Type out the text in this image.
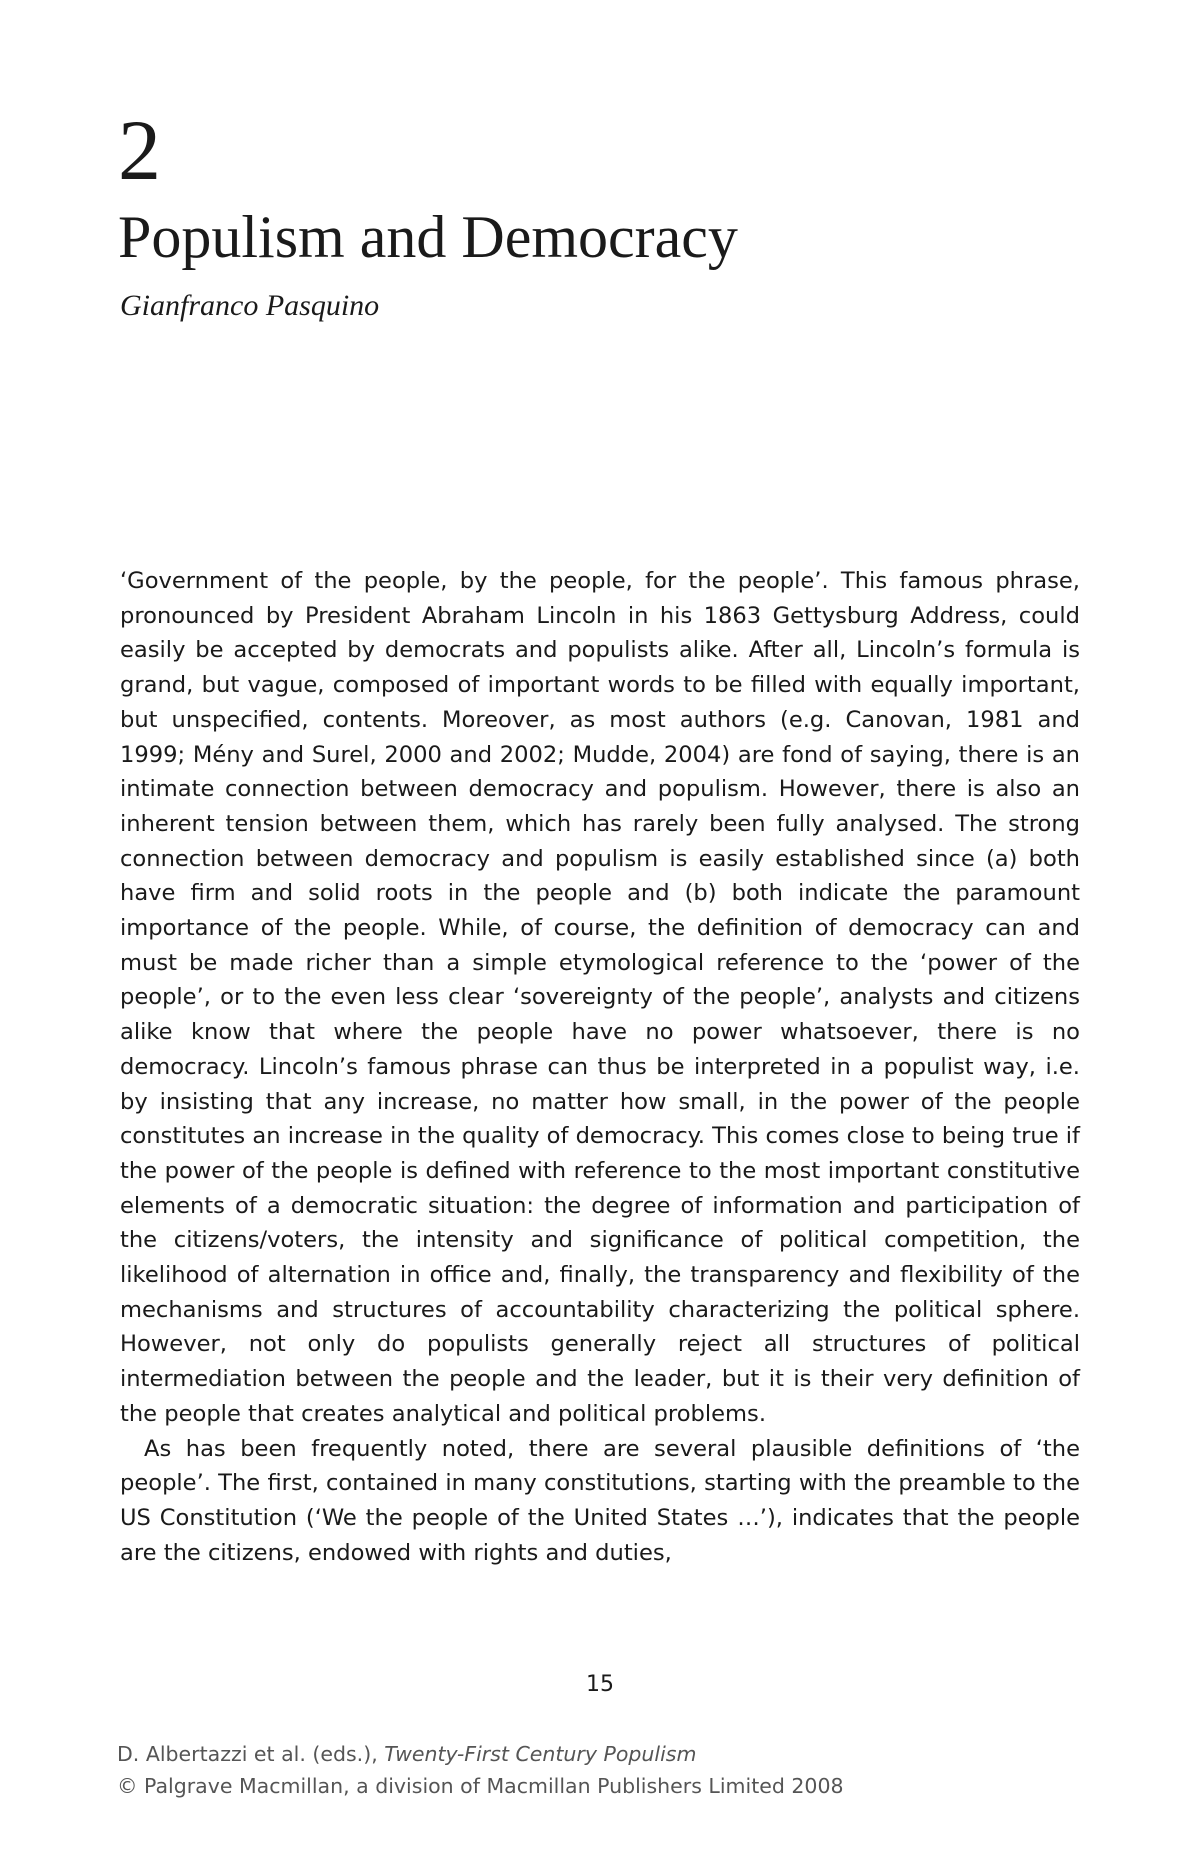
2
Populism and Democracy
Gianfranco Pasquino

‘Government of the people, by the people, for the people’. This famous phrase, pronounced by President Abraham Lincoln in his 1863 Gettysburg Address, could easily be accepted by democrats and populists alike. After all, Lincoln’s formula is grand, but vague, composed of important words to be filled with equally important, but unspecified, contents. Moreover, as most authors (e.g. Canovan, 1981 and 1999; Mény and Surel, 2000 and 2002; Mudde, 2004) are fond of saying, there is an intimate connection between democracy and populism. However, there is also an inherent tension between them, which has rarely been fully analysed. The strong connection between democracy and populism is easily established since (a) both have firm and solid roots in the people and (b) both indicate the paramount importance of the people. While, of course, the definition of democracy can and must be made richer than a simple etymological reference to the ‘power of the people’, or to the even less clear ‘sovereignty of the people’, analysts and citizens alike know that where the people have no power whatsoever, there is no democracy. Lincoln’s famous phrase can thus be interpreted in a populist way, i.e. by insisting that any increase, no matter how small, in the power of the people constitutes an increase in the quality of democracy. This comes close to being true if the power of the people is defined with reference to the most important constitutive elements of a democratic situation: the degree of information and participation of the citizens/voters, the intensity and significance of political competition, the likelihood of alternation in office and, finally, the transparency and flexibility of the mechanisms and structures of accountability characterizing the political sphere. However, not only do populists generally reject all structures of political intermediation between the people and the leader, but it is their very definition of the people that creates analytical and political problems.

As has been frequently noted, there are several plausible definitions of ‘the people’. The first, contained in many constitutions, starting with the preamble to the US Constitution (‘We the people of the United States …’), indicates that the people are the citizens, endowed with rights and duties,

15
D. Albertazzi et al. (eds.), Twenty-First Century Populism
© Palgrave Macmillan, a division of Macmillan Publishers Limited 2008
